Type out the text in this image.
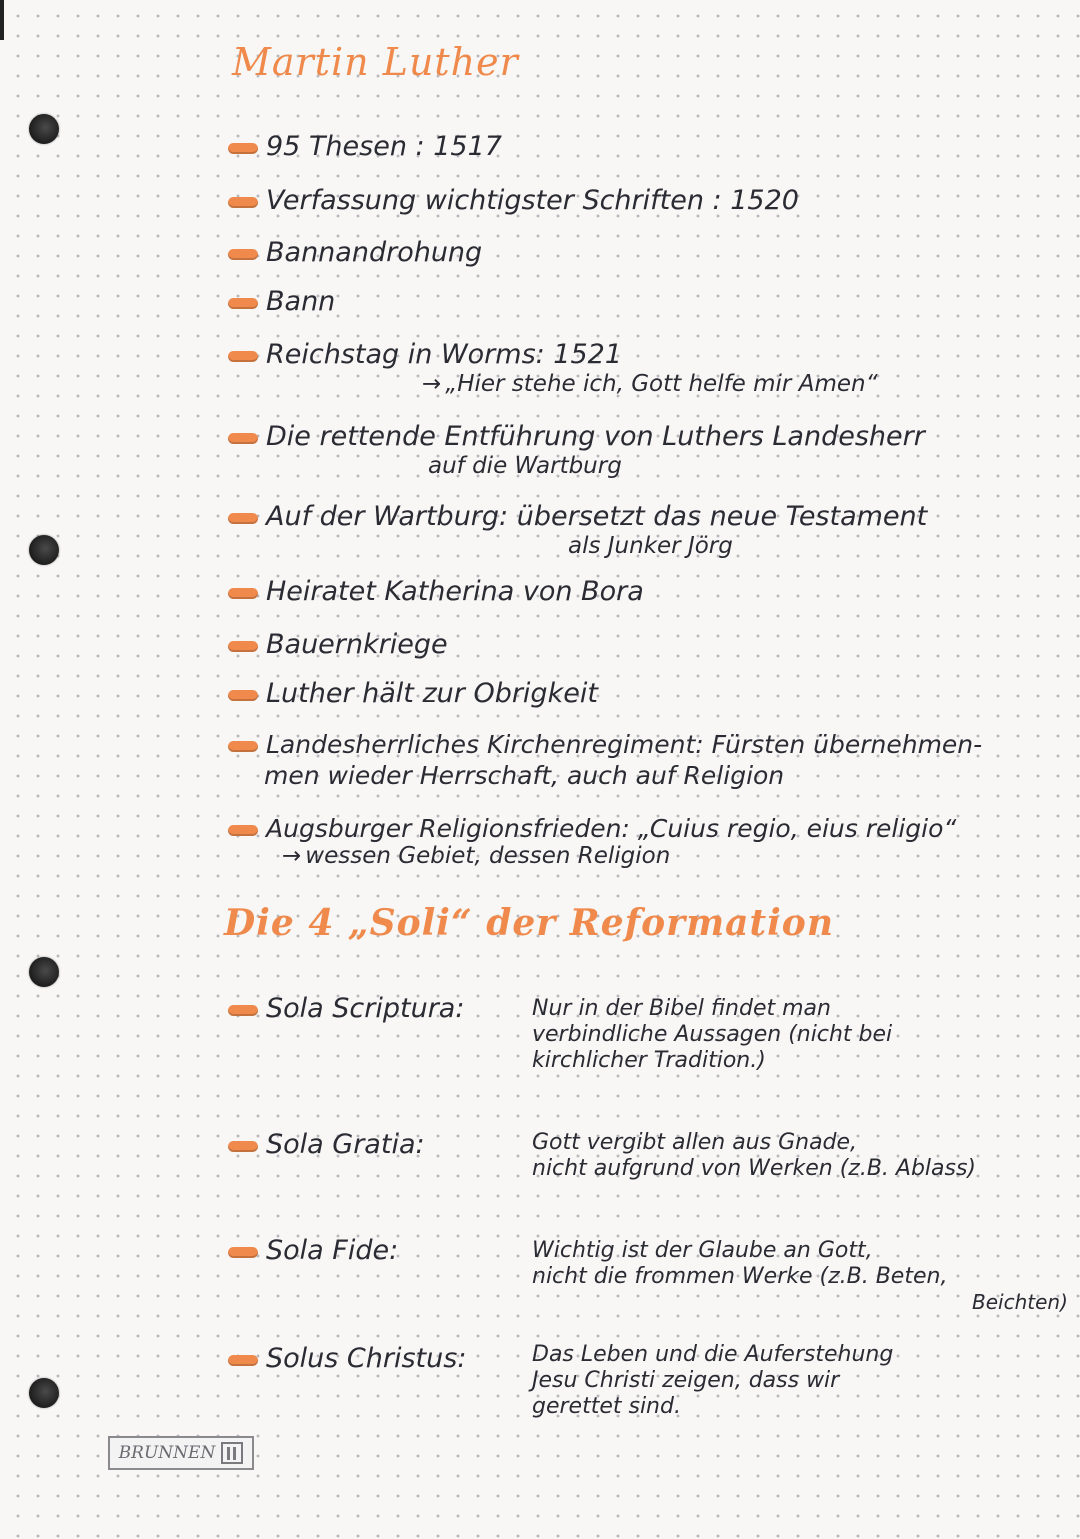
Martin Luther
95 Thesen : 1517
Verfassung wichtigster Schriften : 1520
Bannandrohung
Bann
Reichstag in Worms: 1521
→ „Hier stehe ich, Gott helfe mir Amen“
Die rettende Entführung von Luthers Landesherr
auf die Wartburg
Auf der Wartburg: übersetzt das neue Testament
als Junker Jörg
Heiratet Katherina von Bora
Bauernkriege
Luther hält zur Obrigkeit
Landesherrliches Kirchenregiment: Fürsten übernehmen-
men wieder Herrschaft, auch auf Religion
Augsburger Religionsfrieden: „Cuius regio, eius religio“
→ wessen Gebiet, dessen Religion
Die 4 „Soli“ der Reformation
Sola Scriptura:	Nur in der Bibel findet man
verbindliche Aussagen (nicht bei
kirchlicher Tradition.)
Sola Gratia:	Gott vergibt allen aus Gnade,
nicht aufgrund von Werken (z.B. Ablass)
Sola Fide:	Wichtig ist der Glaube an Gott,
nicht die frommen Werke (z.B. Beten,
Beichten)
Solus Christus:	Das Leben und die Auferstehung
Jesu Christi zeigen, dass wir
gerettet sind.
BRUNNEN
